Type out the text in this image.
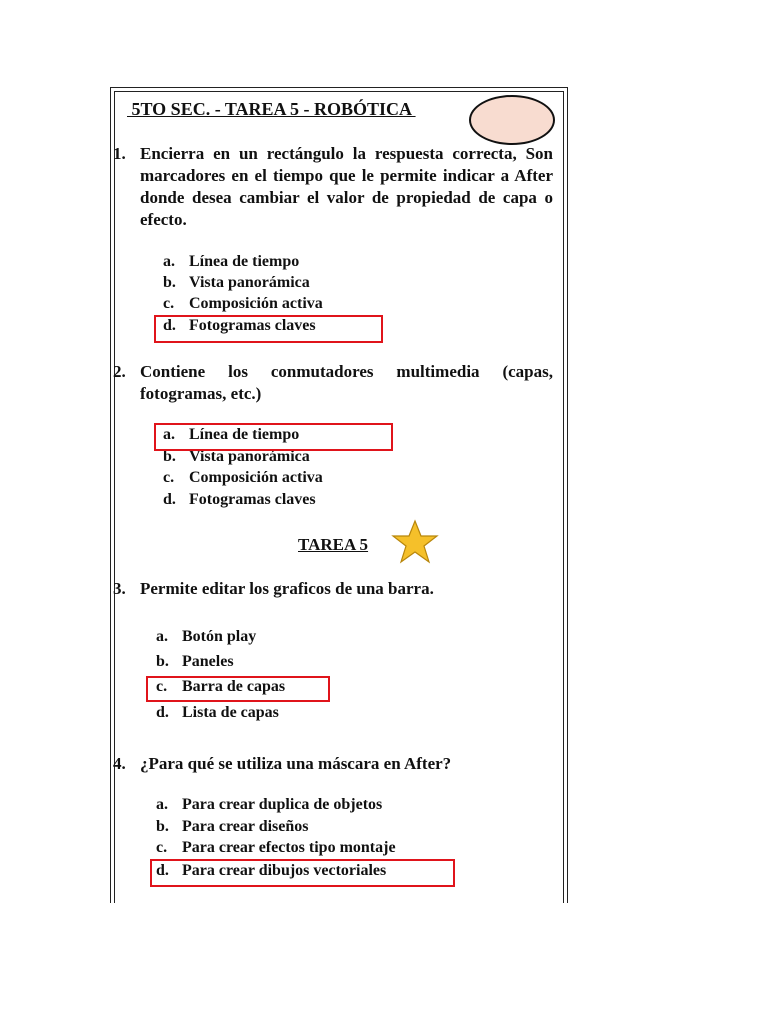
5TO SEC. - TAREA 5 - ROBÓTICA
1. Encierra en un rectángulo la respuesta correcta, Son marcadores en el tiempo que le permite indicar a After donde desea cambiar el valor de propiedad de capa o efecto.
a. Línea de tiempo
b. Vista panorámica
c. Composición activa
d. Fotogramas claves
2. Contiene los conmutadores multimedia (capas, fotogramas, etc.)
a. Línea de tiempo
b. Vista panorámica
c. Composición activa
d. Fotogramas claves
TAREA 5
3. Permite editar los graficos de una barra.
a. Botón play
b. Paneles
c. Barra de capas
d. Lista de capas
4. ¿Para qué se utiliza una máscara en After?
a. Para crear duplica de objetos
b. Para crear diseños
c. Para crear efectos tipo montaje
d. Para crear dibujos vectoriales
